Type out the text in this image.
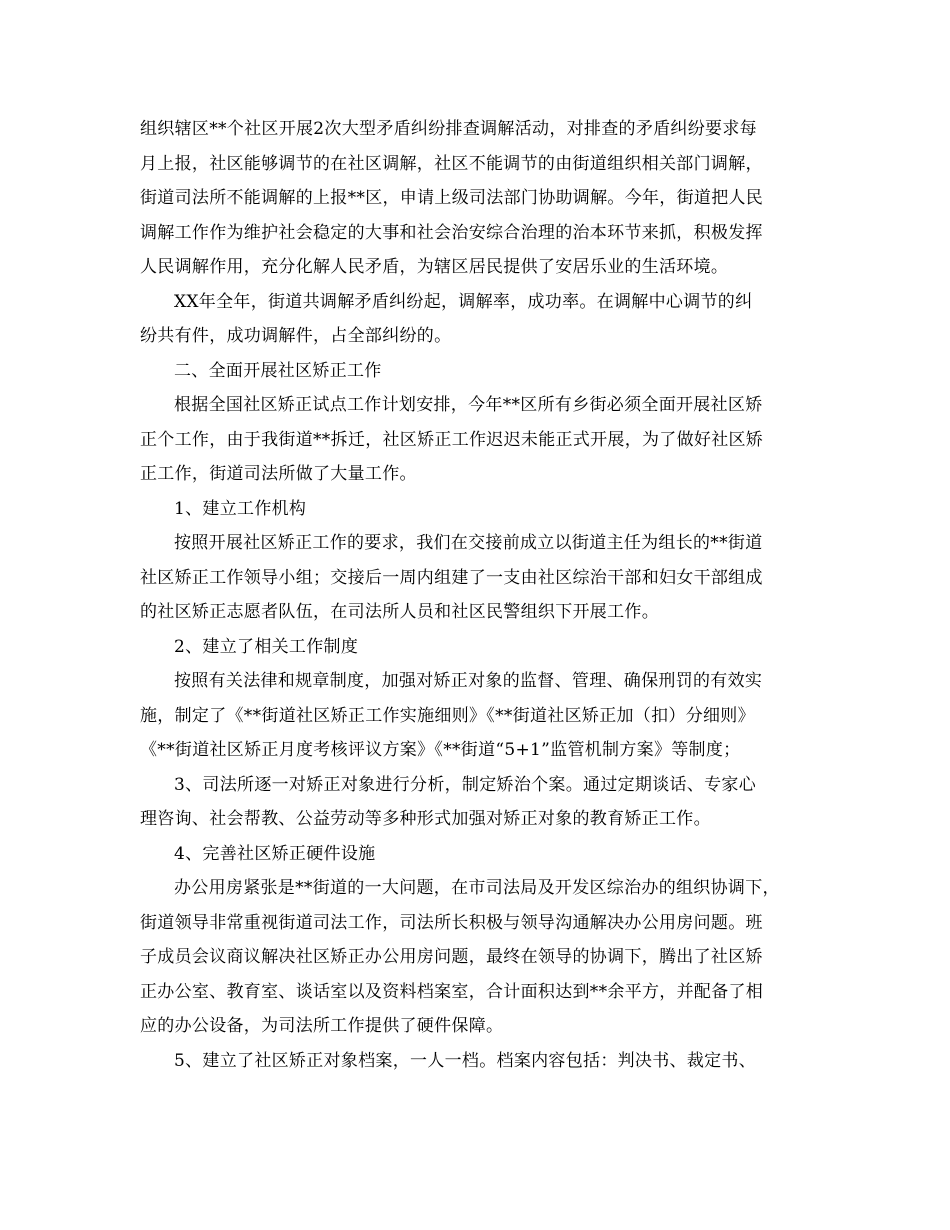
组织辖区**个社区开展2次大型矛盾纠纷排查调解活动，对排查的矛盾纠纷要求每

月上报，社区能够调节的在社区调解，社区不能调节的由街道组织相关部门调解，

街道司法所不能调解的上报**区，申请上级司法部门协助调解。今年，街道把人民

调解工作作为维护社会稳定的大事和社会治安综合治理的治本环节来抓，积极发挥

人民调解作用，充分化解人民矛盾，为辖区居民提供了安居乐业的生活环境。

XX年全年，街道共调解矛盾纠纷起，调解率，成功率。在调解中心调节的纠

纷共有件，成功调解件，占全部纠纷的。

二、全面开展社区矫正工作

根据全国社区矫正试点工作计划安排，今年**区所有乡街必须全面开展社区矫

正个工作，由于我街道**拆迁，社区矫正工作迟迟未能正式开展，为了做好社区矫

正工作，街道司法所做了大量工作。

1、建立工作机构

按照开展社区矫正工作的要求，我们在交接前成立以街道主任为组长的**街道

社区矫正工作领导小组；交接后一周内组建了一支由社区综治干部和妇女干部组成

的社区矫正志愿者队伍，在司法所人员和社区民警组织下开展工作。

2、建立了相关工作制度

按照有关法律和规章制度，加强对矫正对象的监督、管理、确保刑罚的有效实

施，制定了《**街道社区矫正工作实施细则》《**街道社区矫正加（扣）分细则》

《**街道社区矫正月度考核评议方案》《**街道“5+1”监管机制方案》等制度；

3、司法所逐一对矫正对象进行分析，制定矫治个案。通过定期谈话、专家心

理咨询、社会帮教、公益劳动等多种形式加强对矫正对象的教育矫正工作。

4、完善社区矫正硬件设施

办公用房紧张是**街道的一大问题，在市司法局及开发区综治办的组织协调下，

街道领导非常重视街道司法工作，司法所长积极与领导沟通解决办公用房问题。班

子成员会议商议解决社区矫正办公用房问题，最终在领导的协调下，腾出了社区矫

正办公室、教育室、谈话室以及资料档案室，合计面积达到**余平方，并配备了相

应的办公设备，为司法所工作提供了硬件保障。

5、建立了社区矫正对象档案，一人一档。档案内容包括：判决书、裁定书、
